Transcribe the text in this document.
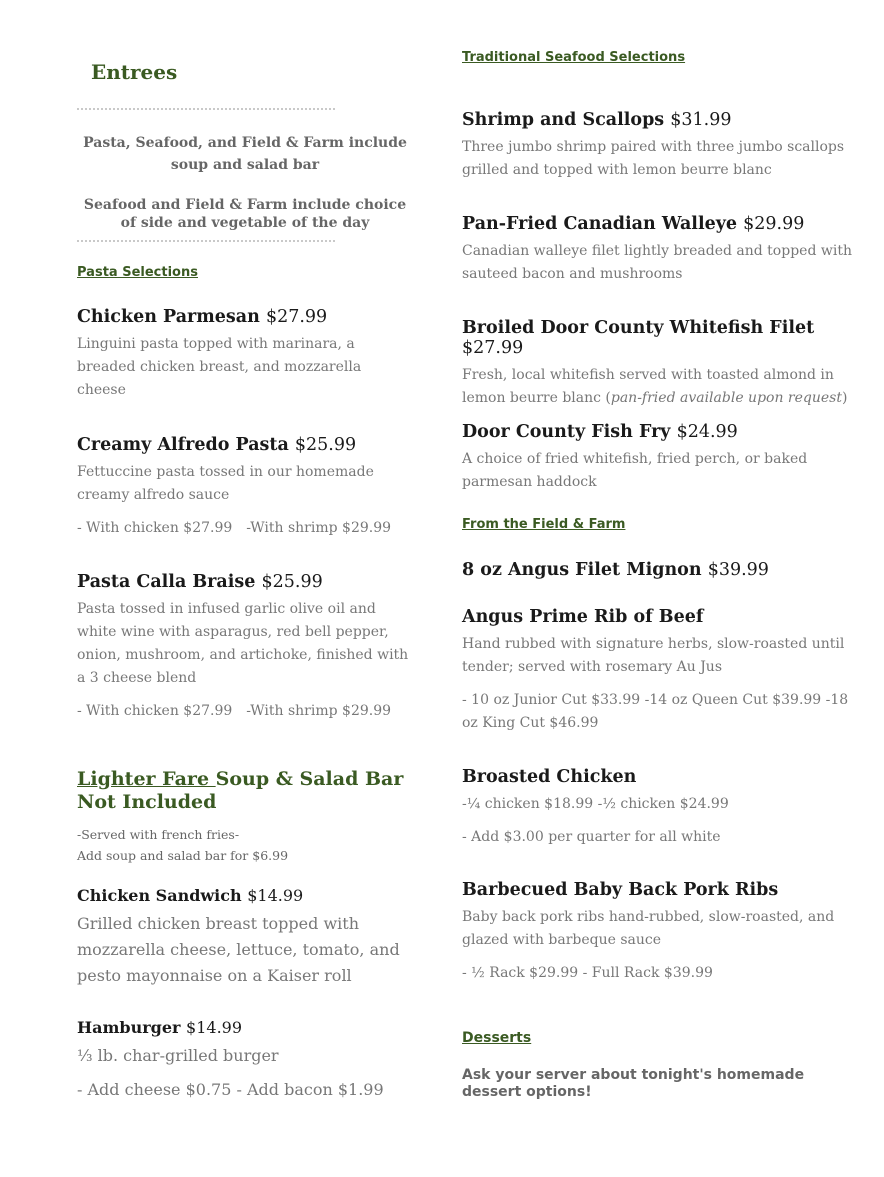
Entrees
Pasta, Seafood, and Field & Farm include soup and salad bar
Seafood and Field & Farm include choice of side and vegetable of the day
Pasta Selections
Chicken Parmesan $27.99
Linguini pasta topped with marinara, a breaded chicken breast, and mozzarella cheese
Creamy Alfredo Pasta $25.99
Fettuccine pasta tossed in our homemade creamy alfredo sauce
- With chicken $27.99 -With shrimp $29.99
Pasta Calla Braise $25.99
Pasta tossed in infused garlic olive oil and white wine with asparagus, red bell pepper, onion, mushroom, and artichoke, finished with a 3 cheese blend
- With chicken $27.99 -With shrimp $29.99
Lighter Fare Soup & Salad Bar Not Included
-Served with french fries-
Add soup and salad bar for $6.99
Chicken Sandwich $14.99
Grilled chicken breast topped with mozzarella cheese, lettuce, tomato, and pesto mayonnaise on a Kaiser roll
Hamburger $14.99
⅓ lb. char-grilled burger
- Add cheese $0.75 - Add bacon $1.99
Traditional Seafood Selections
Shrimp and Scallops $31.99
Three jumbo shrimp paired with three jumbo scallops grilled and topped with lemon beurre blanc
Pan-Fried Canadian Walleye $29.99
Canadian walleye filet lightly breaded and topped with sauteed bacon and mushrooms
Broiled Door County Whitefish Filet $27.99
Fresh, local whitefish served with toasted almond in lemon beurre blanc (pan-fried available upon request)
Door County Fish Fry $24.99
A choice of fried whitefish, fried perch, or baked parmesan haddock
From the Field & Farm
8 oz Angus Filet Mignon $39.99
Angus Prime Rib of Beef
Hand rubbed with signature herbs, slow-roasted until tender; served with rosemary Au Jus
- 10 oz Junior Cut $33.99 -14 oz Queen Cut $39.99 -18 oz King Cut $46.99
Broasted Chicken
-¼ chicken $18.99 -½ chicken $24.99
- Add $3.00 per quarter for all white
Barbecued Baby Back Pork Ribs
Baby back pork ribs hand-rubbed, slow-roasted, and glazed with barbeque sauce
- ½ Rack $29.99 - Full Rack $39.99
Desserts
Ask your server about tonight's homemade dessert options!
